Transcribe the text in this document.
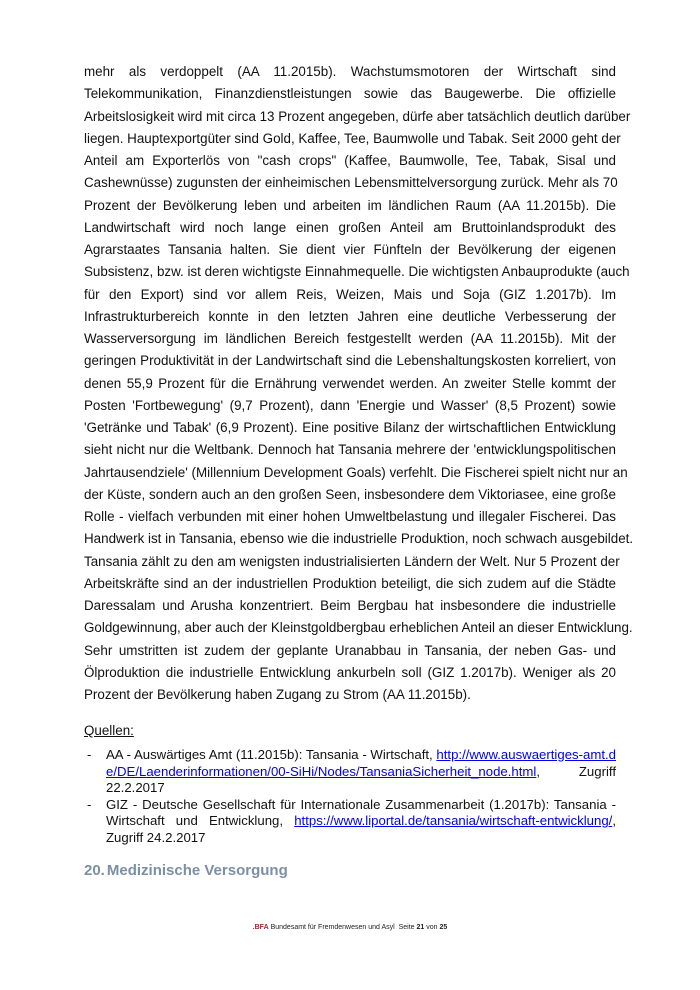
mehr als verdoppelt (AA 11.2015b). Wachstumsmotoren der Wirtschaft sind
Telekommunikation, Finanzdienstleistungen sowie das Baugewerbe. Die offizielle
Arbeitslosigkeit wird mit circa 13 Prozent angegeben, dürfe aber tatsächlich deutlich darüber
liegen. Hauptexportgüter sind Gold, Kaffee, Tee, Baumwolle und Tabak. Seit 2000 geht der
Anteil am Exporterlös von "cash crops" (Kaffee, Baumwolle, Tee, Tabak, Sisal und
Cashewnüsse) zugunsten der einheimischen Lebensmittelversorgung zurück. Mehr als 70
Prozent der Bevölkerung leben und arbeiten im ländlichen Raum (AA 11.2015b). Die
Landwirtschaft wird noch lange einen großen Anteil am Bruttoinlandsprodukt des
Agrarstaates Tansania halten. Sie dient vier Fünfteln der Bevölkerung der eigenen
Subsistenz, bzw. ist deren wichtigste Einnahmequelle. Die wichtigsten Anbauprodukte (auch
für den Export) sind vor allem Reis, Weizen, Mais und Soja (GIZ 1.2017b). Im
Infrastrukturbereich konnte in den letzten Jahren eine deutliche Verbesserung der
Wasserversorgung im ländlichen Bereich festgestellt werden (AA 11.2015b). Mit der
geringen Produktivität in der Landwirtschaft sind die Lebenshaltungskosten korreliert, von
denen 55,9 Prozent für die Ernährung verwendet werden. An zweiter Stelle kommt der
Posten 'Fortbewegung' (9,7 Prozent), dann 'Energie und Wasser' (8,5 Prozent) sowie
'Getränke und Tabak' (6,9 Prozent). Eine positive Bilanz der wirtschaftlichen Entwicklung
sieht nicht nur die Weltbank. Dennoch hat Tansania mehrere der 'entwicklungspolitischen
Jahrtausendziele' (Millennium Development Goals) verfehlt. Die Fischerei spielt nicht nur an
der Küste, sondern auch an den großen Seen, insbesondere dem Viktoriasee, eine große
Rolle - vielfach verbunden mit einer hohen Umweltbelastung und illegaler Fischerei. Das
Handwerk ist in Tansania, ebenso wie die industrielle Produktion, noch schwach ausgebildet.
Tansania zählt zu den am wenigsten industrialisierten Ländern der Welt. Nur 5 Prozent der
Arbeitskräfte sind an der industriellen Produktion beteiligt, die sich zudem auf die Städte
Daressalam und Arusha konzentriert. Beim Bergbau hat insbesondere die industrielle
Goldgewinnung, aber auch der Kleinstgoldbergbau erheblichen Anteil an dieser Entwicklung.
Sehr umstritten ist zudem der geplante Uranabbau in Tansania, der neben Gas- und
Ölproduktion die industrielle Entwicklung ankurbeln soll (GIZ 1.2017b). Weniger als 20
Prozent der Bevölkerung haben Zugang zu Strom (AA 11.2015b).
Quellen:
- AA - Auswärtiges Amt (11.2015b): Tansania - Wirtschaft, http://www.auswaertiges-amt.de/DE/Laenderinformationen/00-SiHi/Nodes/TansaniaSicherheit_node.html, Zugriff 22.2.2017
- GIZ - Deutsche Gesellschaft für Internationale Zusammenarbeit (1.2017b): Tansania - Wirtschaft und Entwicklung, https://www.liportal.de/tansania/wirtschaft-entwicklung/, Zugriff 24.2.2017
20. Medizinische Versorgung
.BFA Bundesamt für Fremdenwesen und Asyl Seite 21 von 25
